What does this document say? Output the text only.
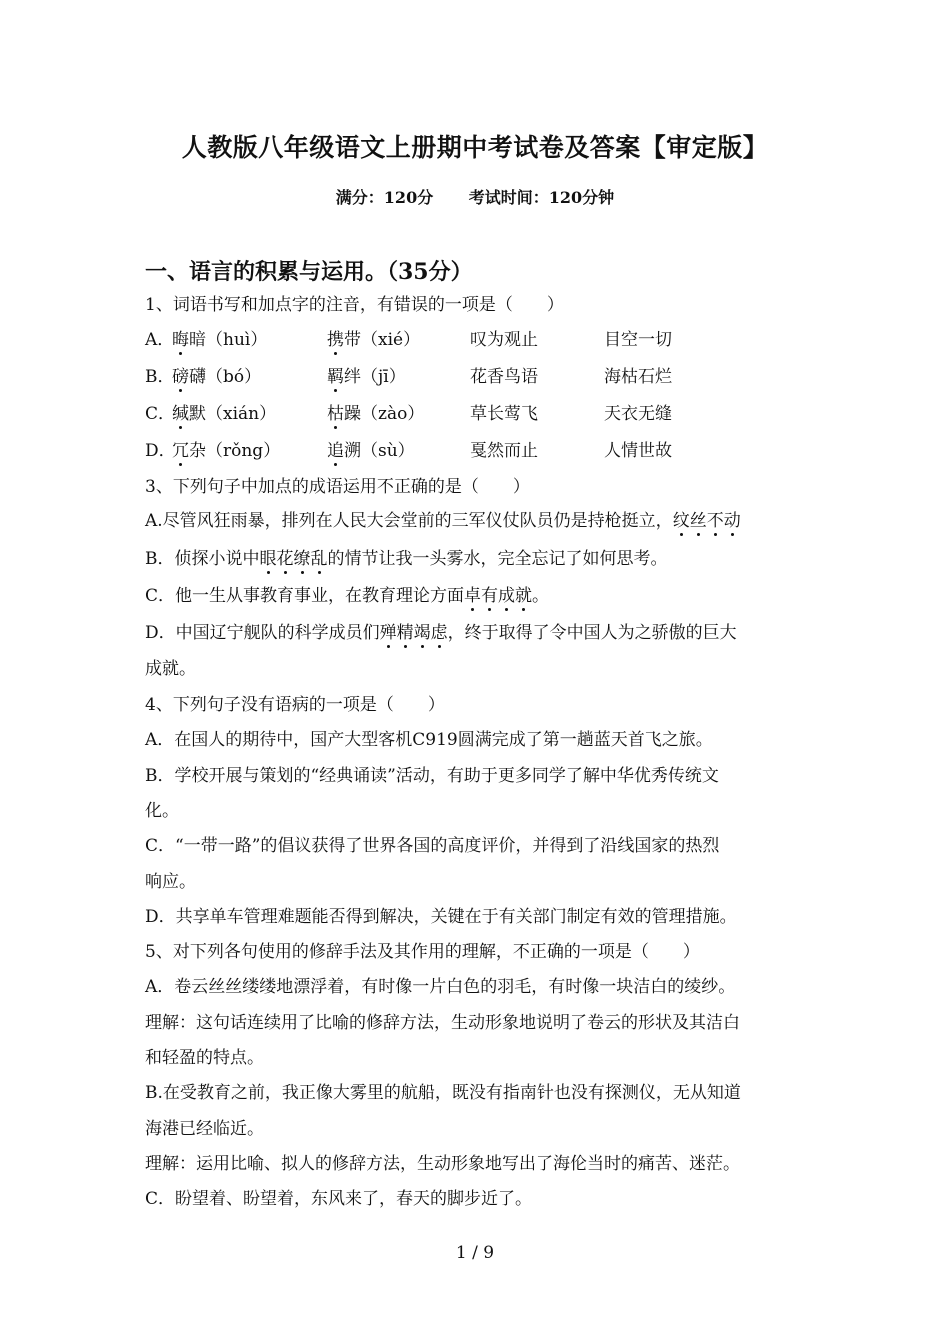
人教版八年级语文上册期中考试卷及答案【审定版】
满分：120分 考试时间：120分钟
一、语言的积累与运用。（35分）
1、词语书写和加点字的注音，有错误的一项是（　　）
A．
晦暗（huì）	携带（xié）	叹为观止	目空一切
B．
磅礴（bó）	羁绊（jī）	花香鸟语	海枯石烂
C．
缄默（xián）	枯躁（zào）	草长莺飞	天衣无缝
D．
冗杂（rǒng）	追溯（sù）	戛然而止	人情世故
3、下列句子中加点的成语运用不正确的是（　　）
A.尽管风狂雨暴，排列在人民大会堂前的三军仪仗队员仍是持枪挺立，纹丝不动
B．侦探小说中眼花缭乱的情节让我一头雾水，完全忘记了如何思考。
C．他一生从事教育事业，在教育理论方面卓有成就。
D．中国辽宁舰队的科学成员们殚精竭虑，终于取得了令中国人为之骄傲的巨大
成就。
4、下列句子没有语病的一项是（　　）
A．在国人的期待中，国产大型客机C919圆满完成了第一趟蓝天首飞之旅。
B．学校开展与策划的“经典诵读”活动，有助于更多同学了解中华优秀传统文
化。
C．“一带一路”的倡议获得了世界各国的高度评价，并得到了沿线国家的热烈
响应。
D．共享单车管理难题能否得到解决，关键在于有关部门制定有效的管理措施。
5、对下列各句使用的修辞手法及其作用的理解，不正确的一项是（　　）
A．卷云丝丝缕缕地漂浮着，有时像一片白色的羽毛，有时像一块洁白的绫纱。
理解：这句话连续用了比喻的修辞方法，生动形象地说明了卷云的形状及其洁白
和轻盈的特点。
B.在受教育之前，我正像大雾里的航船，既没有指南针也没有探测仪，无从知道
海港已经临近。
理解：运用比喻、拟人的修辞方法，生动形象地写出了海伦当时的痛苦、迷茫。
C．盼望着、盼望着，东风来了，春天的脚步近了。
1 / 9
